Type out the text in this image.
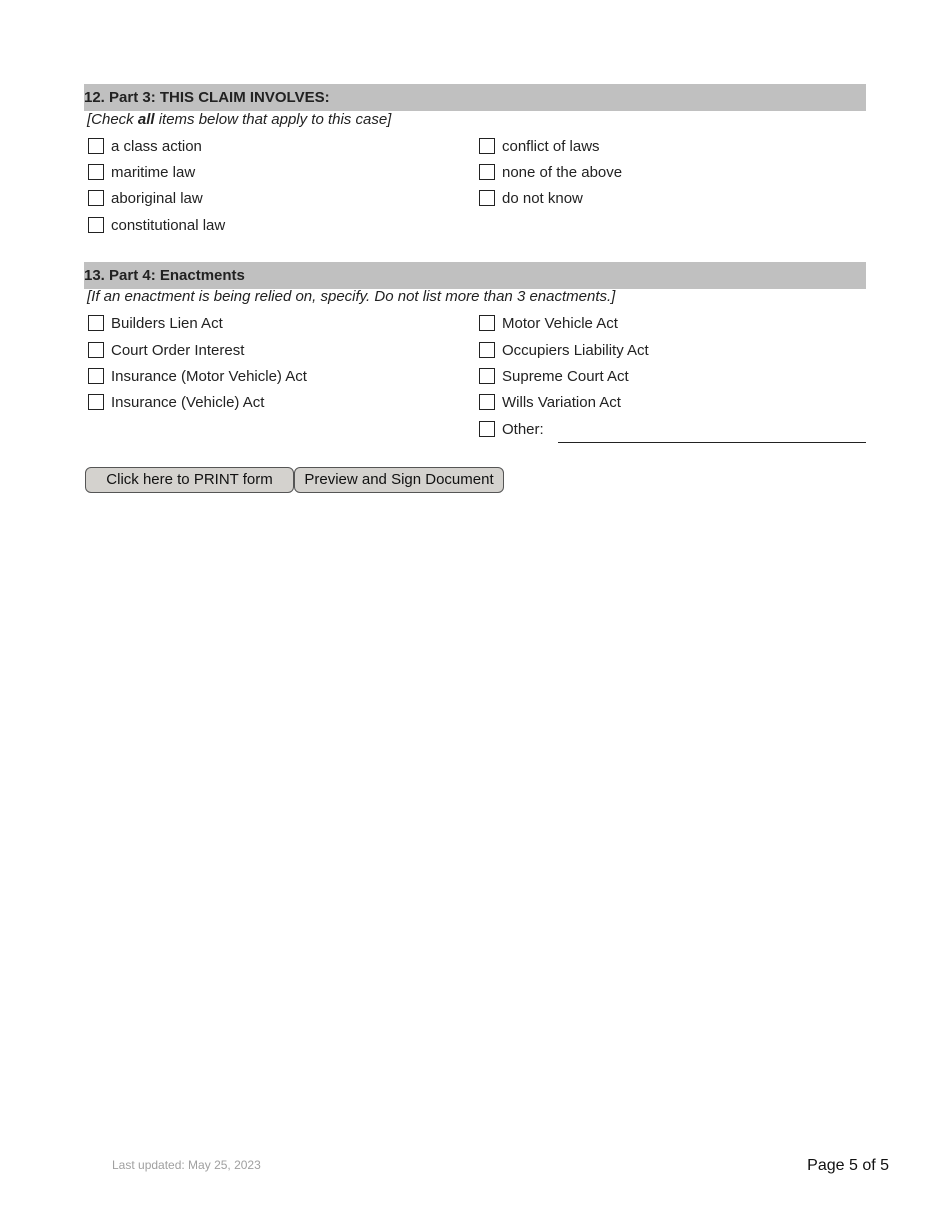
12. Part 3: THIS CLAIM INVOLVES:
[Check all items below that apply to this case]
a class action
maritime law
aboriginal law
constitutional law
conflict of laws
none of the above
do not know
13. Part 4: Enactments
[If an enactment is being relied on, specify. Do not list more than 3 enactments.]
Builders Lien Act
Court Order Interest
Insurance (Motor Vehicle) Act
Insurance (Vehicle) Act
Motor Vehicle Act
Occupiers Liability Act
Supreme Court Act
Wills Variation Act
Other:
Click here to PRINT form	Preview and Sign Document
Last updated: May 25, 2023	Page 5 of 5
